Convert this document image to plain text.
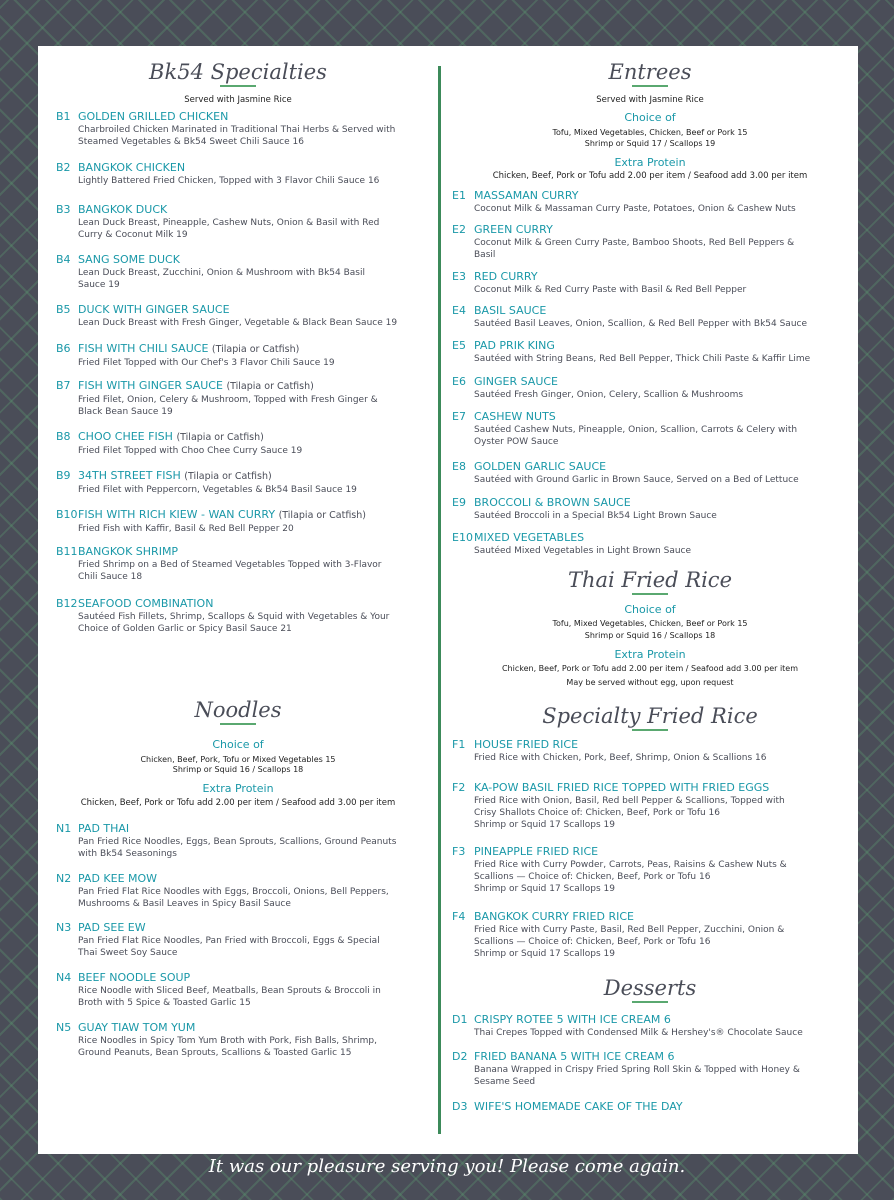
Bk54 Specialties
Served with Jasmine Rice
B1 GOLDEN GRILLED CHICKEN
Charbroiled Chicken Marinated in Traditional Thai Herbs & Served with
Steamed Vegetables & Bk54 Sweet Chili Sauce 16
B2 BANGKOK CHICKEN
Lightly Battered Fried Chicken, Topped with 3 Flavor Chili Sauce 16
B3 BANGKOK DUCK
Lean Duck Breast, Pineapple, Cashew Nuts, Onion & Basil with Red
Curry & Coconut Milk 19
B4 SANG SOME DUCK
Lean Duck Breast, Zucchini, Onion & Mushroom with Bk54 Basil
Sauce 19
B5 DUCK WITH GINGER SAUCE
Lean Duck Breast with Fresh Ginger, Vegetable & Black Bean Sauce 19
B6 FISH WITH CHILI SAUCE (Tilapia or Catfish)
Fried Filet Topped with Our Chef's 3 Flavor Chili Sauce 19
B7 FISH WITH GINGER SAUCE (Tilapia or Catfish)
Fried Filet, Onion, Celery & Mushroom, Topped with Fresh Ginger &
Black Bean Sauce 19
B8 CHOO CHEE FISH (Tilapia or Catfish)
Fried Filet Topped with Choo Chee Curry Sauce 19
B9 34TH STREET FISH (Tilapia or Catfish)
Fried Filet with Peppercorn, Vegetables & Bk54 Basil Sauce 19
B10FISH WITH RICH KIEW - WAN CURRY (Tilapia or Catfish)
Fried Fish with Kaffir, Basil & Red Bell Pepper 20
B11BANGKOK SHRIMP
Fried Shrimp on a Bed of Steamed Vegetables Topped with 3-Flavor
Chili Sauce 18
B12SEAFOOD COMBINATION
Sautéed Fish Fillets, Shrimp, Scallops & Squid with Vegetables & Your
Choice of Golden Garlic or Spicy Basil Sauce 21
Noodles
Choice of
Chicken, Beef, Pork, Tofu or Mixed Vegetables 15
Shrimp or Squid 16 / Scallops 18
Extra Protein
Chicken, Beef, Pork or Tofu add 2.00 per item / Seafood add 3.00 per item
N1 PAD THAI
Pan Fried Rice Noodles, Eggs, Bean Sprouts, Scallions, Ground Peanuts
with Bk54 Seasonings
N2 PAD KEE MOW
Pan Fried Flat Rice Noodles with Eggs, Broccoli, Onions, Bell Peppers,
Mushrooms & Basil Leaves in Spicy Basil Sauce
N3 PAD SEE EW
Pan Fried Flat Rice Noodles, Pan Fried with Broccoli, Eggs & Special
Thai Sweet Soy Sauce
N4 BEEF NOODLE SOUP
Rice Noodle with Sliced Beef, Meatballs, Bean Sprouts & Broccoli in
Broth with 5 Spice & Toasted Garlic 15
N5 GUAY TIAW TOM YUM
Rice Noodles in Spicy Tom Yum Broth with Pork, Fish Balls, Shrimp,
Ground Peanuts, Bean Sprouts, Scallions & Toasted Garlic 15
Entrees
Served with Jasmine Rice
Choice of
Tofu, Mixed Vegetables, Chicken, Beef or Pork 15
Shrimp or Squid 17 / Scallops 19
Extra Protein
Chicken, Beef, Pork or Tofu add 2.00 per item / Seafood add 3.00 per item
E1 MASSAMAN CURRY
Coconut Milk & Massaman Curry Paste, Potatoes, Onion & Cashew Nuts
E2 GREEN CURRY
Coconut Milk & Green Curry Paste, Bamboo Shoots, Red Bell Peppers &
Basil
E3 RED CURRY
Coconut Milk & Red Curry Paste with Basil & Red Bell Pepper
E4 BASIL SAUCE
Sautéed Basil Leaves, Onion, Scallion, & Red Bell Pepper with Bk54 Sauce
E5 PAD PRIK KING
Sautéed with String Beans, Red Bell Pepper, Thick Chili Paste & Kaffir Lime
E6 GINGER SAUCE
Sautéed Fresh Ginger, Onion, Celery, Scallion & Mushrooms
E7 CASHEW NUTS
Sautéed Cashew Nuts, Pineapple, Onion, Scallion, Carrots & Celery with
Oyster POW Sauce
E8 GOLDEN GARLIC SAUCE
Sautéed with Ground Garlic in Brown Sauce, Served on a Bed of Lettuce
E9 BROCCOLI & BROWN SAUCE
Sautéed Broccoli in a Special Bk54 Light Brown Sauce
E10MIXED VEGETABLES
Sautéed Mixed Vegetables in Light Brown Sauce
Thai Fried Rice
Choice of
Tofu, Mixed Vegetables, Chicken, Beef or Pork 15
Shrimp or Squid 16 / Scallops 18
Extra Protein
Chicken, Beef, Pork or Tofu add 2.00 per item / Seafood add 3.00 per item
May be served without egg, upon request
Specialty Fried Rice
F1 HOUSE FRIED RICE
Fried Rice with Chicken, Pork, Beef, Shrimp, Onion & Scallions 16
F2 KA-POW BASIL FRIED RICE TOPPED WITH FRIED EGGS
Fried Rice with Onion, Basil, Red bell Pepper & Scallions, Topped with
Crisy Shallots Choice of: Chicken, Beef, Pork or Tofu 16
Shrimp or Squid 17 Scallops 19
F3 PINEAPPLE FRIED RICE
Fried Rice with Curry Powder, Carrots, Peas, Raisins & Cashew Nuts &
Scallions — Choice of: Chicken, Beef, Pork or Tofu 16
Shrimp or Squid 17 Scallops 19
F4 BANGKOK CURRY FRIED RICE
Fried Rice with Curry Paste, Basil, Red Bell Pepper, Zucchini, Onion &
Scallions — Choice of: Chicken, Beef, Pork or Tofu 16
Shrimp or Squid 17 Scallops 19
Desserts
D1 CRISPY ROTEE 5 WITH ICE CREAM 6
Thai Crepes Topped with Condensed Milk & Hershey's® Chocolate Sauce
D2 FRIED BANANA 5 WITH ICE CREAM 6
Banana Wrapped in Crispy Fried Spring Roll Skin & Topped with Honey &
Sesame Seed
D3 WIFE'S HOMEMADE CAKE OF THE DAY
It was our pleasure serving you! Please come again.
